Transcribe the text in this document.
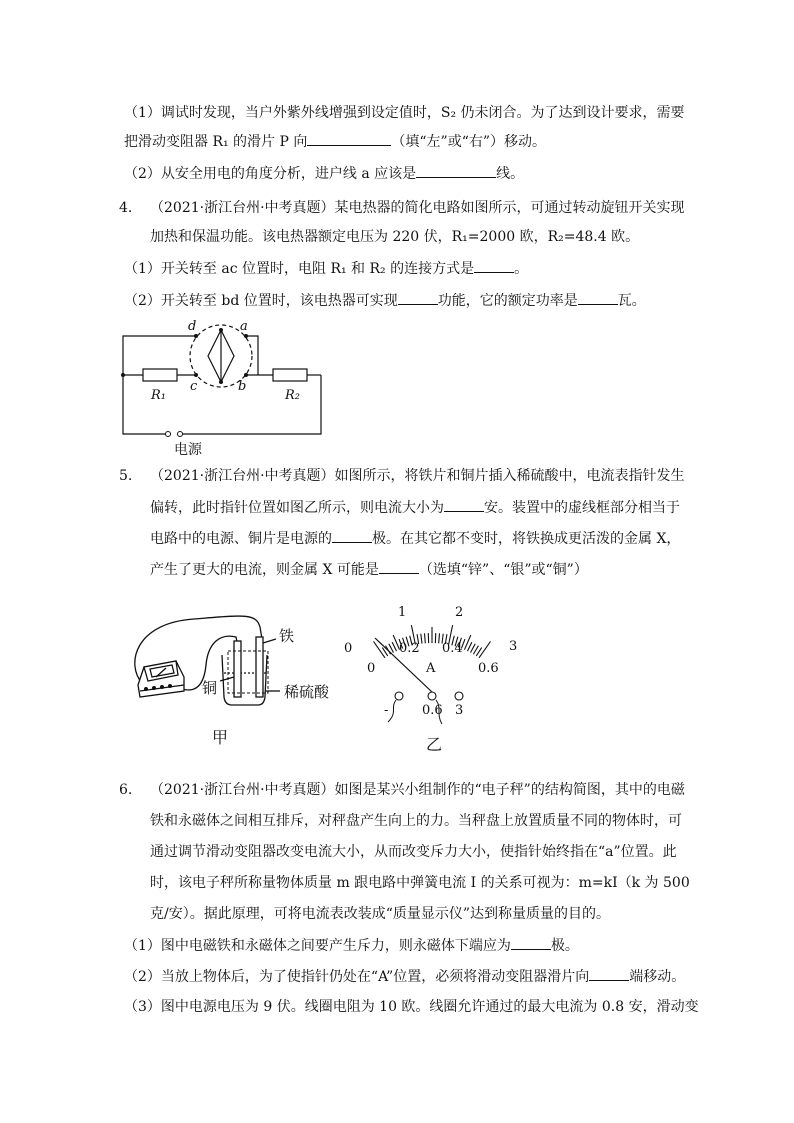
（1）调试时发现，当户外紫外线增强到设定值时，S₂ 仍未闭合。为了达到设计要求，需要
把滑动变阻器 R₁ 的滑片 P 向	（填“左”或“右”）移动。
（2）从安全用电的角度分析，进户线 a 应该是	线。
4. （2021·浙江台州·中考真题）某电热器的简化电路如图所示，可通过转动旋钮开关实现
加热和保温功能。该电热器额定电压为 220 伏，R₁=2000 欧，R₂=48.4 欧。
（1）开关转至 ac 位置时，电阻 R₁ 和 R₂ 的连接方式是	。
（2）开关转至 bd 位置时，该电热器可实现	功能，它的额定功率是	瓦。
d	a
c	b
R₁	R₂
电源
5. （2021·浙江台州·中考真题）如图所示，将铁片和铜片插入稀硫酸中，电流表指针发生
偏转，此时指针位置如图乙所示，则电流大小为	安。装置中的虚线框部分相当于
电路中的电源、铜片是电源的	极。在其它都不变时，将铁换成更活泼的金属 X，
产生了更大的电流，则金属 X 可能是	（选填“锌”、“银”或“铜”）
铁
铜	稀硫酸
甲
0
1	2
3
0
0.2 0.4
0.6
A
-	0.6 3
乙
6. （2021·浙江台州·中考真题）如图是某兴小组制作的“电子秤”的结构简图，其中的电磁
铁和永磁体之间相互排斥，对秤盘产生向上的力。当秤盘上放置质量不同的物体时，可
通过调节滑动变阻器改变电流大小，从而改变斥力大小，使指针始终指在“a”位置。此
时，该电子秤所称量物体质量 m 跟电路中弹簧电流 I 的关系可视为：m=kI（k 为 500
克/安）。据此原理，可将电流表改装成“质量显示仪”达到称量质量的目的。
（1）图中电磁铁和永磁体之间要产生斥力，则永磁体下端应为	极。
（2）当放上物体后，为了使指针仍处在“A”位置，必须将滑动变阻器滑片向	端移动。
（3）图中电源电压为 9 伏。线圈电阻为 10 欧。线圈允许通过的最大电流为 0.8 安，滑动变
